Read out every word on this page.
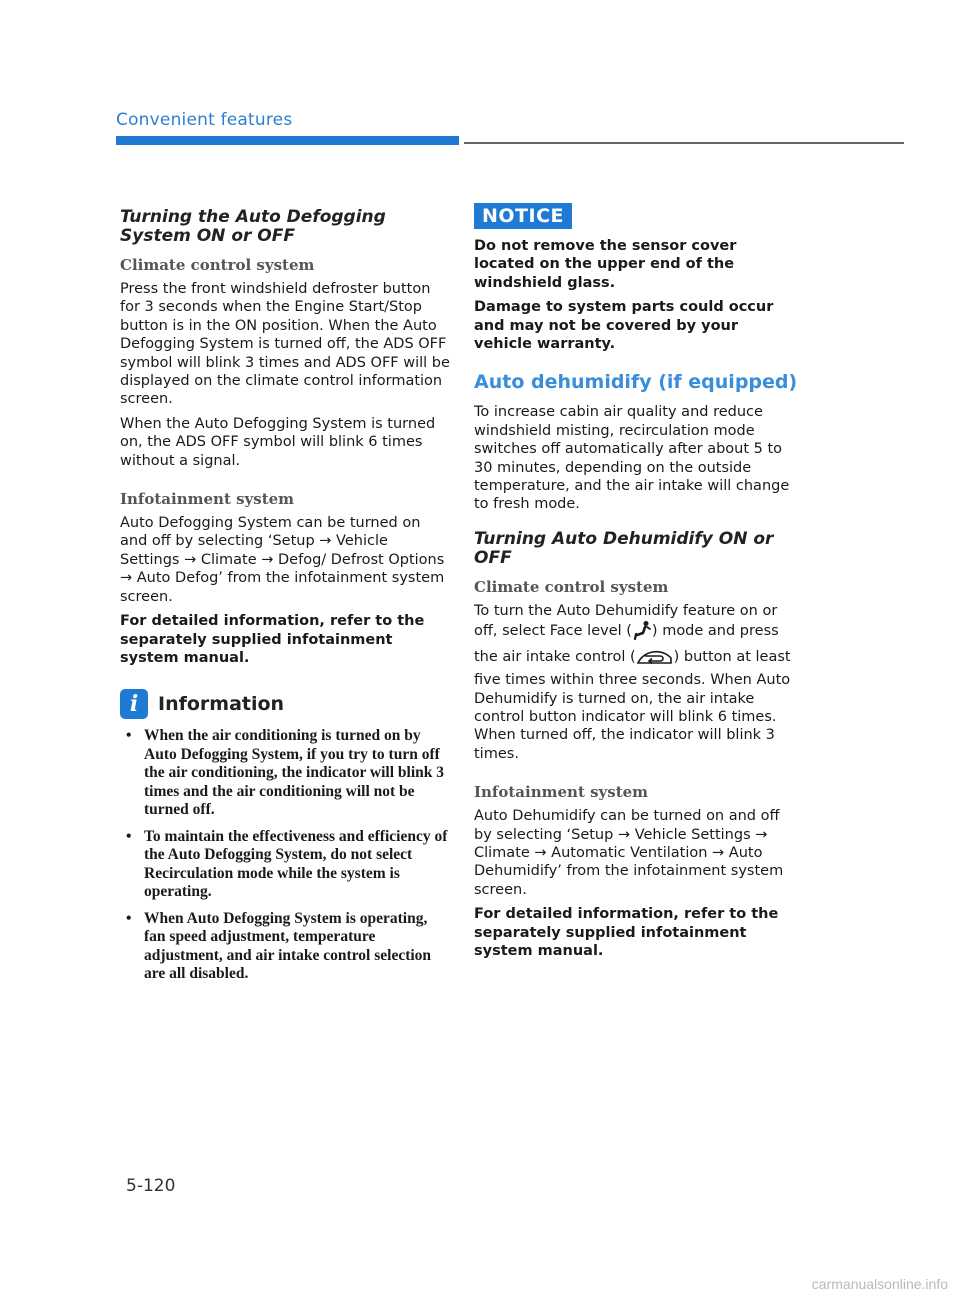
Convenient features
Turning the Auto Defogging System ON or OFF
Climate control system

Press the front windshield defroster button for 3 seconds when the Engine Start/Stop button is in the ON position. When the Auto Defogging System is turned off, the ADS OFF symbol will blink 3 times and ADS OFF will be displayed on the climate control information screen.

When the Auto Defogging System is turned on, the ADS OFF symbol will blink 6 times without a signal.

Infotainment system

Auto Defogging System can be turned on and off by selecting ‘Setup → Vehicle Settings → Climate → Defog/ Defrost Options → Auto Defog’ from the infotainment system screen.

For detailed information, refer to the separately supplied infotainment system manual.

i	Information
• When the air conditioning is turned on by Auto Defogging System, if you try to turn off the air conditioning, the indicator will blink 3 times and the air conditioning will not be turned off.
• To maintain the effectiveness and efficiency of the Auto Defogging System, do not select Recirculation mode while the system is operating.
• When Auto Defogging System is operating, fan speed adjustment, temperature adjustment, and air intake control selection are all disabled.
NOTICE

Do not remove the sensor cover located on the upper end of the windshield glass.

Damage to system parts could occur and may not be covered by your vehicle warranty.

Auto dehumidify (if equipped)

To increase cabin air quality and reduce windshield misting, recirculation mode switches off automatically after about 5 to 30 minutes, depending on the outside temperature, and the air intake will change to fresh mode.

Turning Auto Dehumidify ON or OFF
Climate control system

To turn the Auto Dehumidify feature on or off, select Face level ( ) mode and press the air intake control (	) button at least five times within three seconds. When Auto Dehumidify is turned on, the air intake control button indicator will blink 6 times. When turned off, the indicator will blink 3 times.

Infotainment system

Auto Dehumidify can be turned on and off by selecting ‘Setup → Vehicle Settings → Climate → Automatic Ventilation → Auto Dehumidify’ from the infotainment system screen.

For detailed information, refer to the separately supplied infotainment system manual.

5-120
carmanualsonline.info
